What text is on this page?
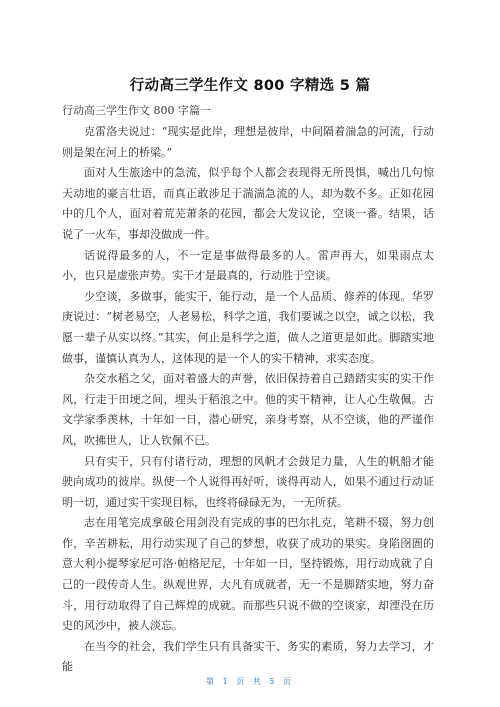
行动高三学生作文 800 字精选 5 篇
行动高三学生作文 800 字篇一

克雷洛夫说过：“现实是此岸，理想是彼岸，中间隔着湍急的河流，行动则是架在河上的桥梁。”

面对人生旅途中的急流，似乎每个人都会表现得无所畏惧，喊出几句惊天动地的豪言壮语，而真正敢涉足于湍湍急流的人，却为数不多。正如花园中的几个人，面对着荒芜萧条的花园，都会大发议论，空谈一番。结果，话说了一火车，事却没做成一件。

话说得最多的人，不一定是事做得最多的人。雷声再大，如果雨点太小，也只是虚张声势。实干才是最真的，行动胜于空谈。

少空谈，多做事，能实干，能行动，是一个人品质、修养的体现。华罗庚说过：“树老易空，人老易松，科学之道，我们要诚之以空，诚之以松，我愿一辈子从实以终。”其实，何止是科学之道，做人之道更是如此。脚踏实地做事，谨慎认真为人，这体现的是一个人的实干精神，求实态度。

杂交水稻之父，面对着盛大的声誉，依旧保持着自己踏踏实实的实干作风，行走于田埂之间，埋头于稻浪之中。他的实干精神，让人心生敬佩。古文学家季羡林，十年如一日，潜心研究，亲身考察，从不空谈，他的严谨作风，吹拂世人，让人钦佩不已。

只有实干，只有付诸行动，理想的风帆才会鼓足力量，人生的帆船才能驶向成功的彼岸。纵使一个人说得再好听，谈得再动人，如果不通过行动证明一切，通过实干实现目标，也终将碌碌无为，一无所获。

志在用笔完成拿破仑用剑没有完成的事的巴尔扎克，笔耕不辍，努力创作，辛苦耕耘，用行动实现了自己的梦想，收获了成功的果实。身陷囹圄的意大利小提琴家尼可洛·帕格尼尼，十年如一日，坚持锻炼，用行动成就了自己的一段传奇人生。纵观世界，大凡有成就者，无一不是脚踏实地，努力奋斗，用行动取得了自己辉煌的成就。而那些只说不做的空谈家，却湮没在历史的风沙中，被人淡忘。

在当今的社会，我们学生只有具备实干、务实的素质，努力去学习，才能

第 1 页 共 5 页
